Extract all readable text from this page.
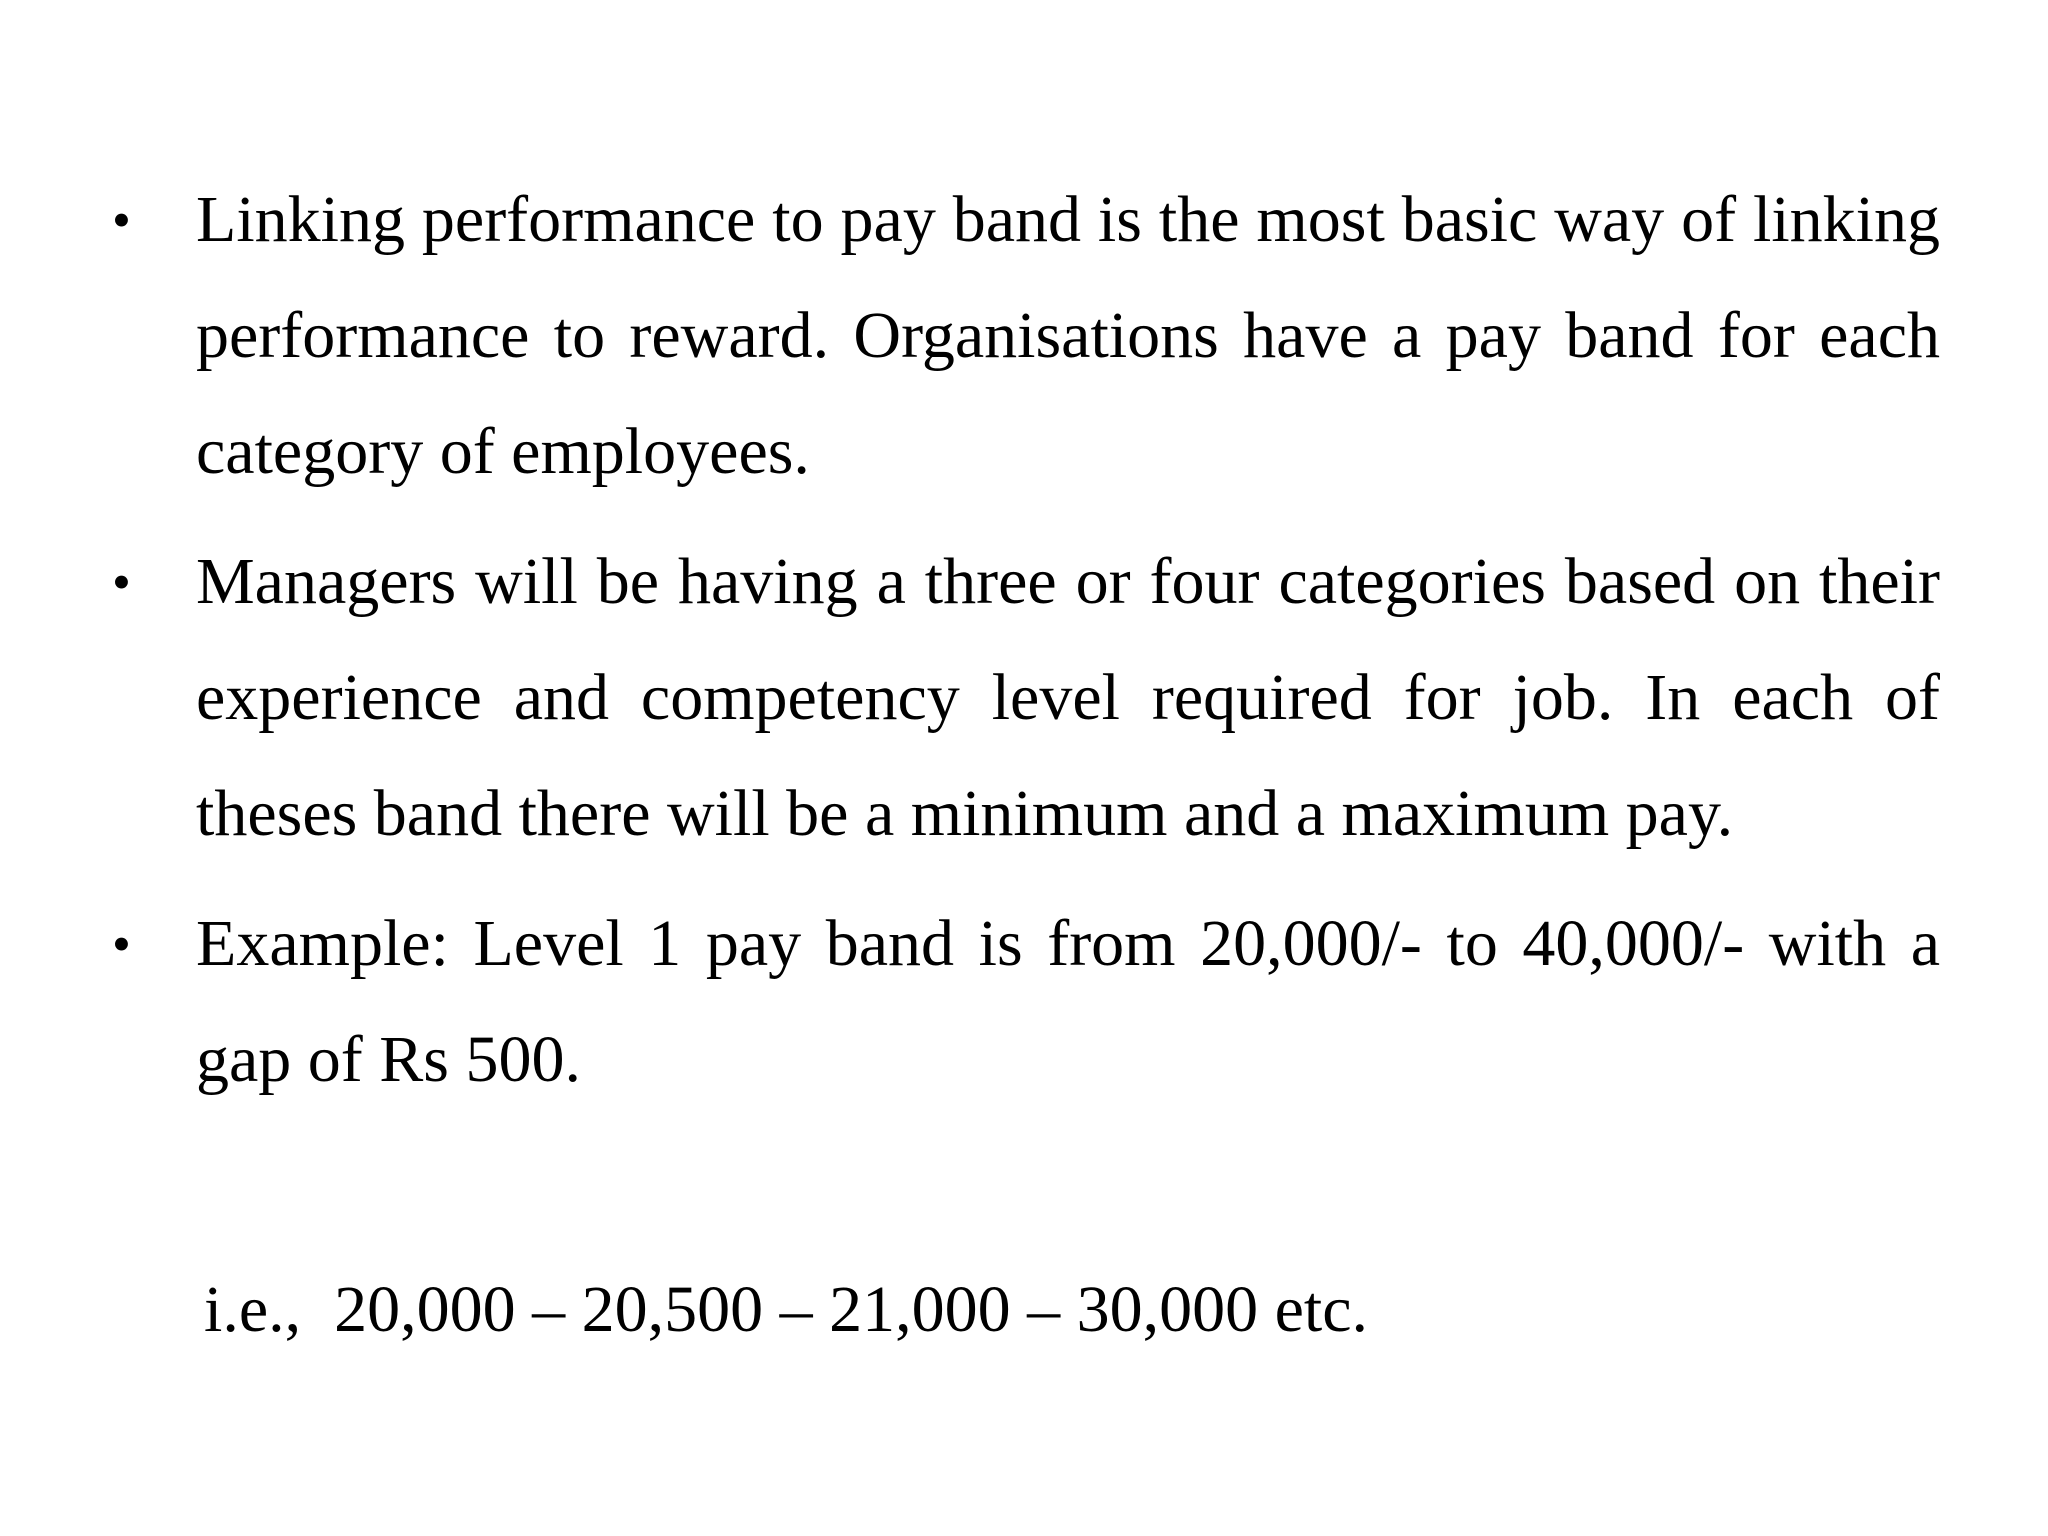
• Linking performance to pay band is the most basic way of linking performance to reward. Organisations have a pay band for each category of employees.
• Managers will be having a three or four categories based on their experience and competency level required for job. In each of theses band there will be a minimum and a maximum pay.
• Example: Level 1 pay band is from 20,000/- to 40,000/- with a gap of Rs 500.
i.e.,  20,000 – 20,500 – 21,000 – 30,000 etc.
